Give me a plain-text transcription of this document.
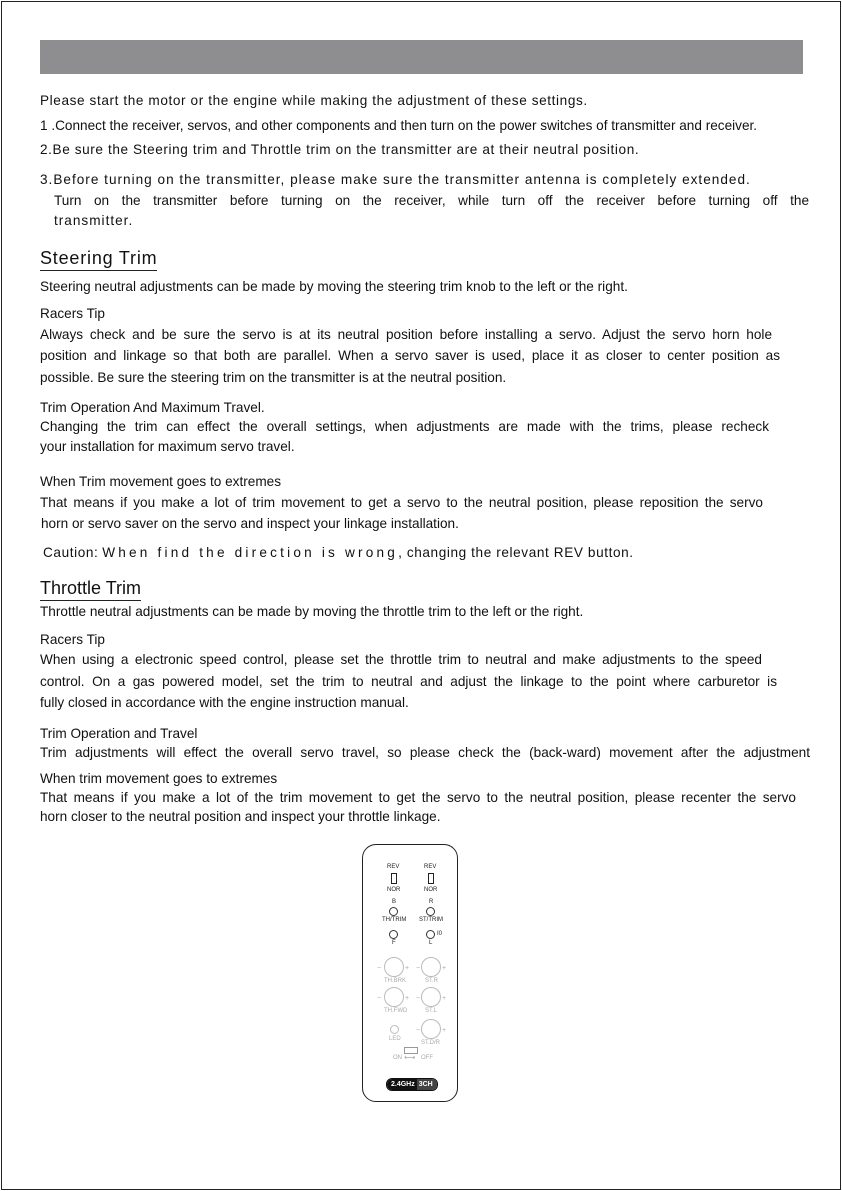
Please start the motor or the engine while making the adjustment of these settings.
1 .Connect the receiver, servos, and other components and then turn on the power switches of transmitter and receiver.
2.Be sure the Steering trim and Throttle trim on the transmitter are at their neutral position.
3.Before turning on the transmitter, please make sure the transmitter antenna is completely extended.
Turn on the transmitter before turning on the receiver, while turn off the receiver before turning off the
transmitter.
Steering Trim
Steering neutral adjustments can be made by moving the steering trim knob to the left or the right.
Racers Tip
Always check and be sure the servo is at its neutral position before installing a servo. Adjust the servo horn hole
position and linkage so that both are parallel. When a servo saver is used, place it as closer to center position as
possible. Be sure the steering trim on the transmitter is at the neutral position.
Trim Operation And Maximum Travel.
Changing the trim can effect the overall settings, when adjustments are made with the trims, please recheck
your installation for maximum servo travel.
When Trim movement goes to extremes
That means if you make a lot of trim movement to get a servo to the neutral position, please reposition the servo
horn or servo saver on the servo and inspect your linkage installation.
Caution: When find the direction is wrong, changing the relevant REV button.
Throttle Trim
Throttle neutral adjustments can be made by moving the throttle trim to the left or the right.
Racers Tip
When using a electronic speed control, please set the throttle trim to neutral and make adjustments to the speed
control. On a gas powered model, set the trim to neutral and adjust the linkage to the point where carburetor is
fully closed in accordance with the engine instruction manual.
Trim Operation and Travel
Trim adjustments will effect the overall servo travel, so please check the (back-ward) movement after the adjustment
When trim movement goes to extremes
That means if you make a lot of the trim movement to get the servo to the neutral position, please recenter the servo
horn closer to the neutral position and inspect your throttle linkage.
REV	REV
NOR	NOR
B	R
TH/TRIM ST/TRIM
I0
F	L
−	+ −	+
TH.BRK	ST.R
−	+ −	+
TH.FWD	ST.L
LED
−	+
ST.D/R
ON ⟷ OFF
2.4GHz 3CH
